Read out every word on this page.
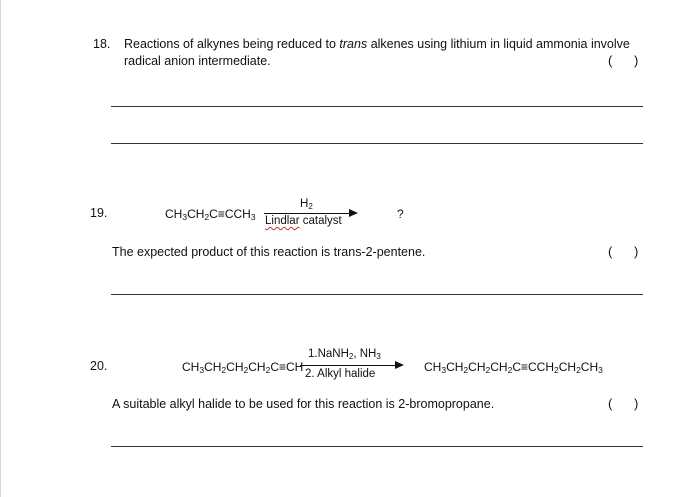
18. Reactions of alkynes being reduced to trans alkenes using lithium in liquid ammonia involve
radical anion intermediate.	(      )
19.	$CH_3CH_2C\equiv CCH_3$
$H_2$
Lindlar catalyst	?
The expected product of this reaction is trans-2-pentene.	(      )
20.	$CH_3CH_2CH_2CH_2C\equiv CH$
1.NaNH$_2$, $NH_3$
2. Alkyl halide	$CH_3CH_2CH_2CH_2C\equiv CCH_2CH_2CH_3$
A suitable alkyl halide to be used for this reaction is 2-bromopropane.	(      )
